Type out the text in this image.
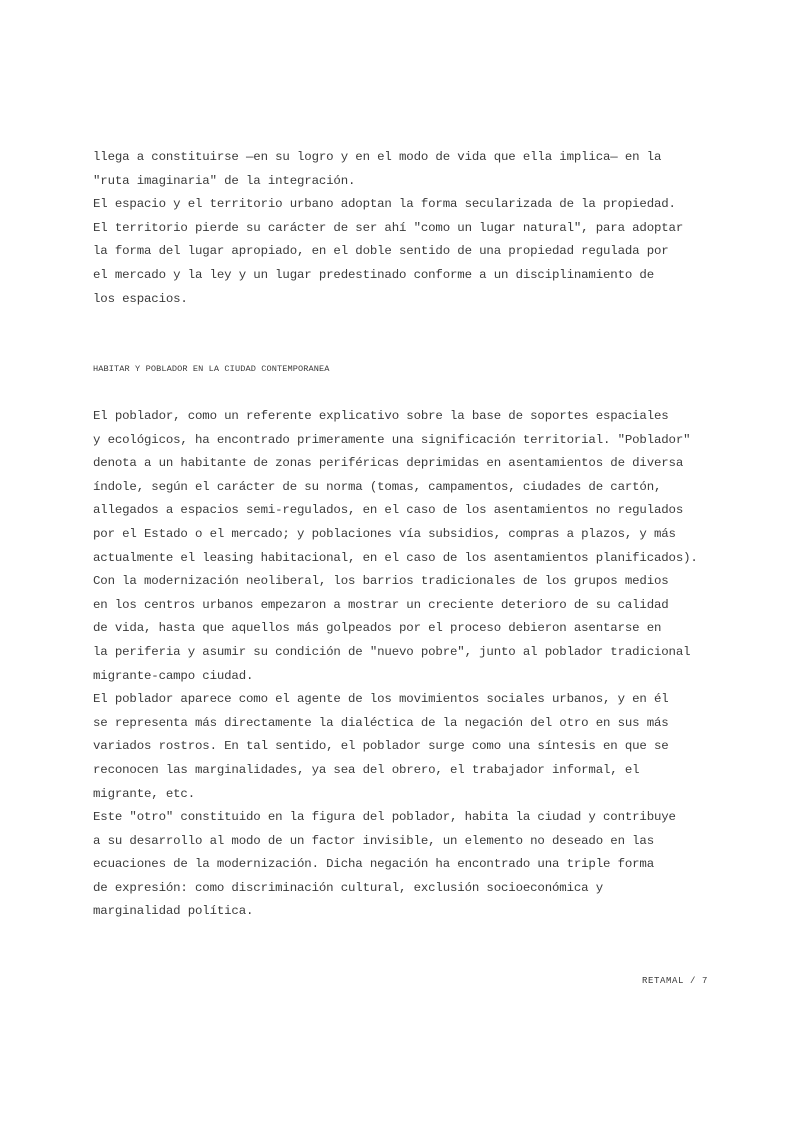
llega a constituirse —en su logro y en el modo de vida que ella implica— en la
"ruta imaginaria" de la integración.
El espacio y el territorio urbano adoptan la forma secularizada de la propiedad.
El territorio pierde su carácter de ser ahí "como un lugar natural", para adoptar
la forma del lugar apropiado, en el doble sentido de una propiedad regulada por
el mercado y la ley y un lugar predestinado conforme a un disciplinamiento de
los espacios.
HABITAR Y POBLADOR EN LA CIUDAD CONTEMPORANEA
El poblador, como un referente explicativo sobre la base de soportes espaciales
y ecológicos, ha encontrado primeramente una significación territorial. "Poblador"
denota a un habitante de zonas periféricas deprimidas en asentamientos de diversa
índole, según el carácter de su norma (tomas, campamentos, ciudades de cartón,
allegados a espacios semi-regulados, en el caso de los asentamientos no regulados
por el Estado o el mercado; y poblaciones vía subsidios, compras a plazos, y más
actualmente el leasing habitacional, en el caso de los asentamientos planificados).
Con la modernización neoliberal, los barrios tradicionales de los grupos medios
en los centros urbanos empezaron a mostrar un creciente deterioro de su calidad
de vida, hasta que aquellos más golpeados por el proceso debieron asentarse en
la periferia y asumir su condición de "nuevo pobre", junto al poblador tradicional
migrante-campo ciudad.
El poblador aparece como el agente de los movimientos sociales urbanos, y en él
se representa más directamente la dialéctica de la negación del otro en sus más
variados rostros. En tal sentido, el poblador surge como una síntesis en que se
reconocen las marginalidades, ya sea del obrero, el trabajador informal, el
migrante, etc.
Este "otro" constituido en la figura del poblador, habita la ciudad y contribuye
a su desarrollo al modo de un factor invisible, un elemento no deseado en las
ecuaciones de la modernización. Dicha negación ha encontrado una triple forma
de expresión: como discriminación cultural, exclusión socioeconómica y
marginalidad política.
RETAMAL / 7
